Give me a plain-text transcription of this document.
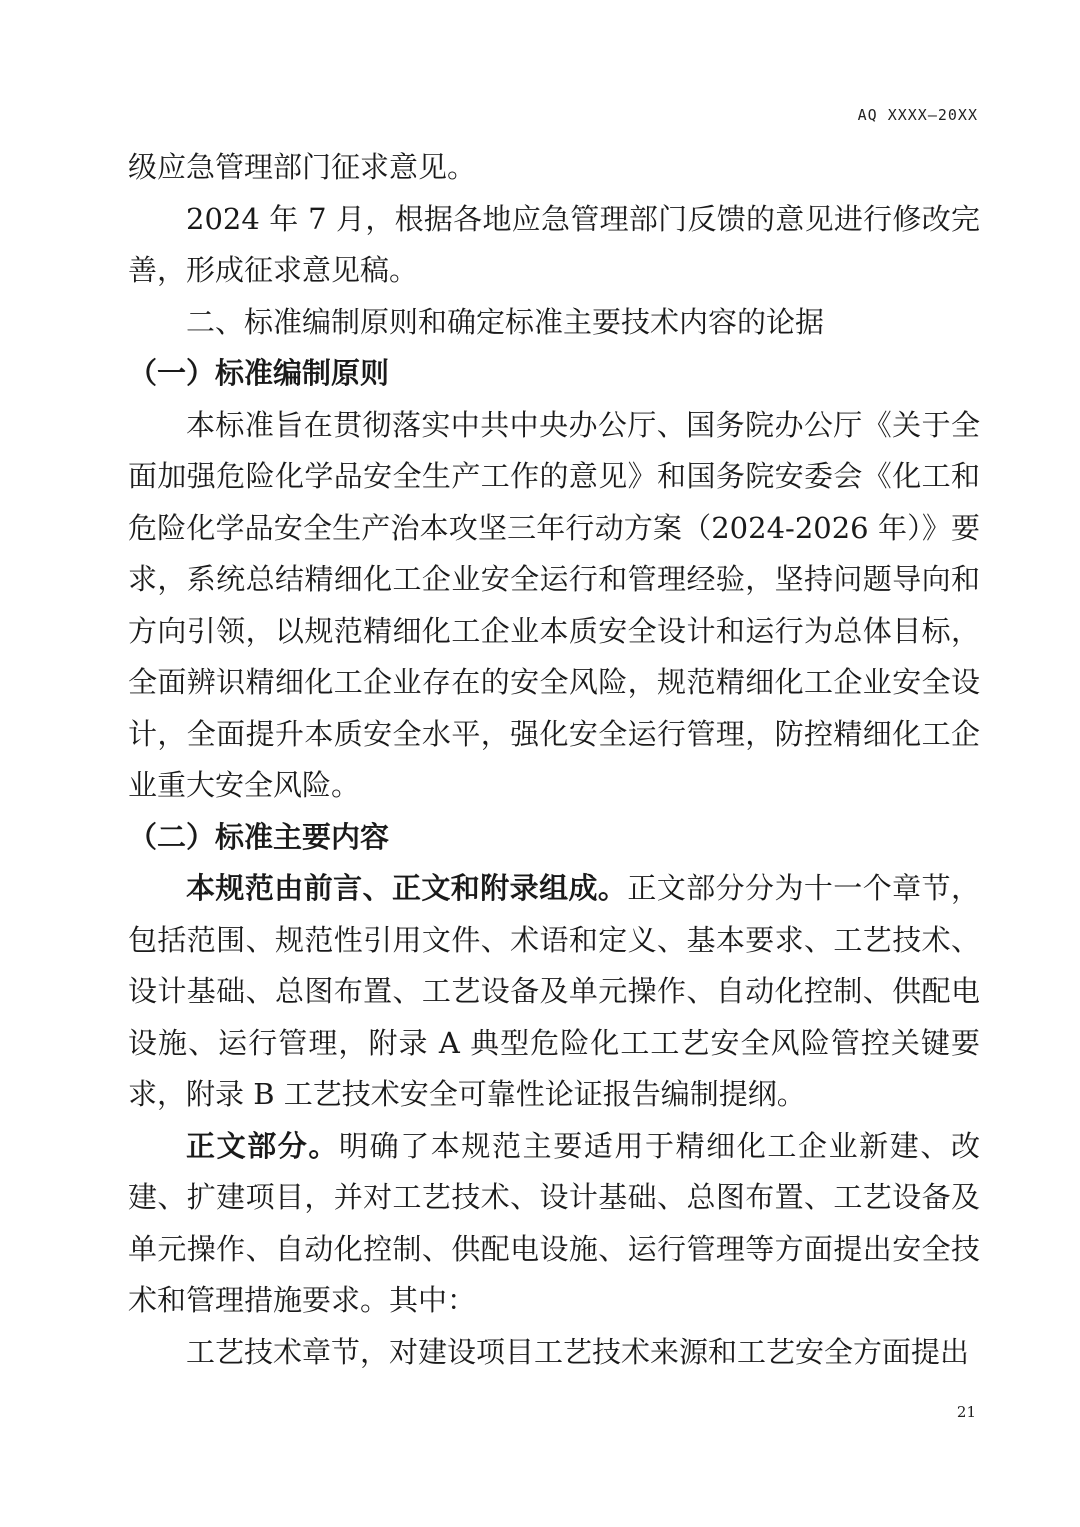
AQ XXXX—20XX

级应急管理部门征求意见。

2024 年 7 月，根据各地应急管理部门反馈的意见进行修改完善，形成征求意见稿。

二、标准编制原则和确定标准主要技术内容的论据

（一）标准编制原则

本标准旨在贯彻落实中共中央办公厅、国务院办公厅《关于全面加强危险化学品安全生产工作的意见》和国务院安委会《化工和危险化学品安全生产治本攻坚三年行动方案（2024-2026 年）》要求，系统总结精细化工企业安全运行和管理经验，坚持问题导向和方向引领，以规范精细化工企业本质安全设计和运行为总体目标，全面辨识精细化工企业存在的安全风险，规范精细化工企业安全设计，全面提升本质安全水平，强化安全运行管理，防控精细化工企业重大安全风险。

（二）标准主要内容

本规范由前言、正文和附录组成。正文部分分为十一个章节，包括范围、规范性引用文件、术语和定义、基本要求、工艺技术、设计基础、总图布置、工艺设备及单元操作、自动化控制、供配电设施、运行管理，附录 A 典型危险化工工艺安全风险管控关键要求，附录 B 工艺技术安全可靠性论证报告编制提纲。

正文部分。明确了本规范主要适用于精细化工企业新建、改建、扩建项目，并对工艺技术、设计基础、总图布置、工艺设备及单元操作、自动化控制、供配电设施、运行管理等方面提出安全技术和管理措施要求。其中：

工艺技术章节，对建设项目工艺技术来源和工艺安全方面提出

21
